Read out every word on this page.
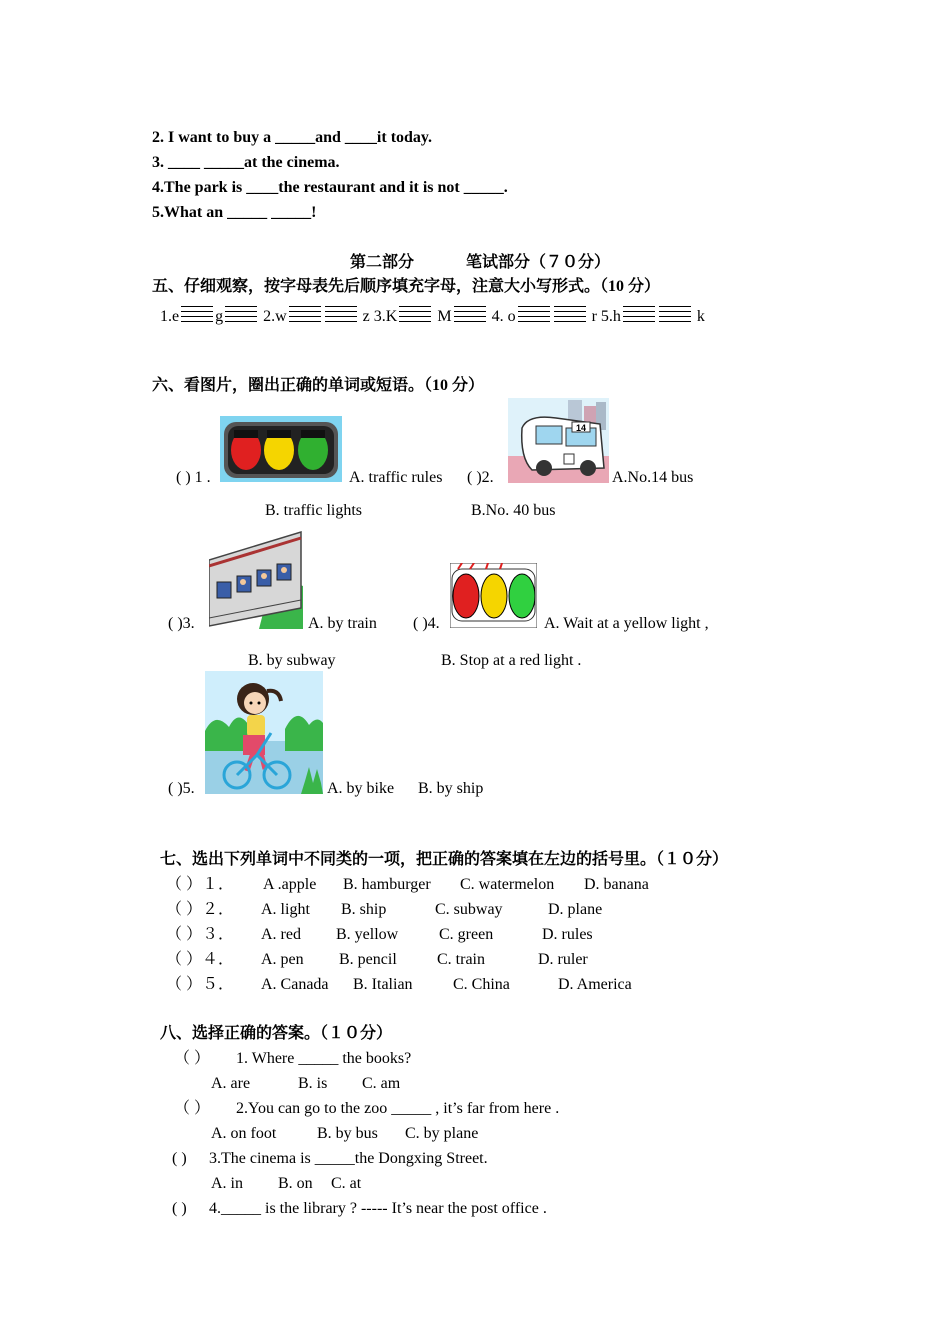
2. I want to buy a _____and ____it today.
3. ____ _____at the cinema.
4.The park is ____the restaurant and it is not _____.
5.What an _____ _____!
第二部分	笔试部分（７０分）
五、仔细观察，按字母表先后顺序填充字母，注意大小写形式。（10 分）
1.e g	2.w	z 3.K	M	4. o	r 5.h	k
六、看图片，圈出正确的单词或短语。（10 分）
( ) 1 .	A. traffic rules
B. traffic lights
( )2.
14
A.No.14 bus
B.No. 40 bus
( )3.	A. by train
B. by subway
( )4.	A. Wait at a yellow light ,
B. Stop at a red light .
( )5.	A. by bike B. by ship
七、选出下列单词中不同类的一项，把正确的答案填在左边的括号里。（１０分）
（ ）１． A .apple B. hamburger C. watermelon D. banana
（ ）２． A. light B. ship	C. subway	D. plane
（ ）３． A. red B. yellow	C. green	D. rules
（ ）４． A. pen B. pencil	C. train	D. ruler
（ ）５． A. Canada B. Italian	C. China	D. America
八、选择正确的答案。（１０分）
（ ） 1. Where _____ the books?
A. are	B. is C. am
（ ） 2.You can go to the zoo _____ , it’s far from here .
A. on foot	B. by bus C. by plane
( ) 3.The cinema is _____the Dongxing Street.
A. in B. on C. at
( ) 4._____ is the library ? ----- It’s near the post office .
